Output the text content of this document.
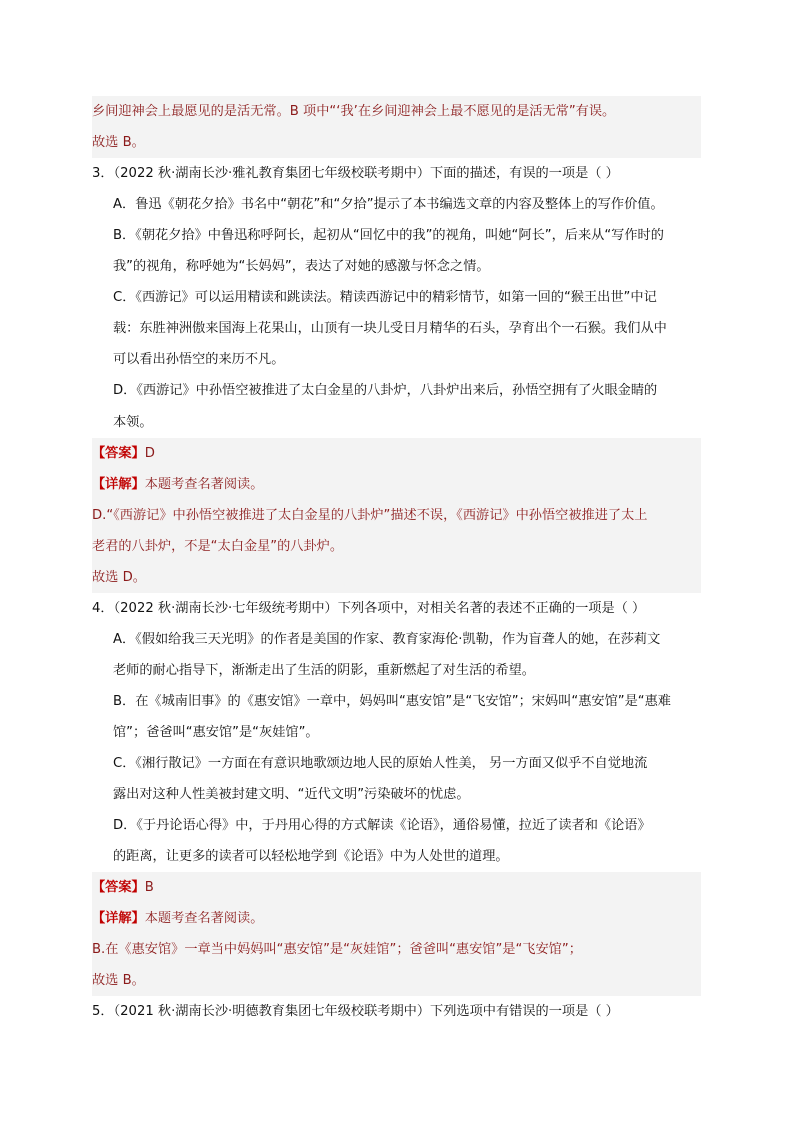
乡间迎神会上最愿见的是活无常。B 项中“‘我’在乡间迎神会上最不愿见的是活无常”有误。
故选 B。
3．（2022 秋·湖南长沙·雅礼教育集团七年级校联考期中）下面的描述，有误的一项是（ ）
A．鲁迅《朝花夕拾》书名中“朝花”和“夕拾”提示了本书编选文章的内容及整体上的写作价值。
B．《朝花夕拾》中鲁迅称呼阿长，起初从“回忆中的我”的视角，叫她“阿长”，后来从“写作时的
我”的视角，称呼她为“长妈妈”，表达了对她的感激与怀念之情。
C．《西游记》可以运用精读和跳读法。精读西游记中的精彩情节，如第一回的“猴王出世”中记
载：东胜神洲傲来国海上花果山，山顶有一块儿受日月精华的石头，孕育出个一石猴。我们从中
可以看出孙悟空的来历不凡。
D．《西游记》中孙悟空被推进了太白金星的八卦炉，八卦炉出来后，孙悟空拥有了火眼金睛的
本领。
【答案】D
【详解】本题考查名著阅读。
D.“《西游记》中孙悟空被推进了太白金星的八卦炉”描述不误，《西游记》中孙悟空被推进了太上
老君的八卦炉，不是“太白金星”的八卦炉。
故选 D。
4．（2022 秋·湖南长沙·七年级统考期中）下列各项中，对相关名著的表述不正确的一项是（ ）
A．《假如给我三天光明》的作者是美国的作家、教育家海伦·凯勒，作为盲聋人的她，在莎莉文
老师的耐心指导下，渐渐走出了生活的阴影，重新燃起了对生活的希望。
B．在《城南旧事》的《惠安馆》一章中，妈妈叫“惠安馆”是“飞安馆”；宋妈叫“惠安馆”是“惠难
馆”；爸爸叫“惠安馆”是“灰娃馆”。
C．《湘行散记》一方面在有意识地歌颂边地人民的原始人性美， 另一方面又似乎不自觉地流
露出对这种人性美被封建文明、“近代文明”污染破坏的忧虑。
D．《于丹论语心得》中，于丹用心得的方式解读《论语》，通俗易懂，拉近了读者和《论语》
的距离，让更多的读者可以轻松地学到《论语》中为人处世的道理。
【答案】B
【详解】本题考查名著阅读。
B.在《惠安馆》一章当中妈妈叫“惠安馆”是“灰娃馆”；爸爸叫“惠安馆”是“飞安馆”；
故选 B。
5．（2021 秋·湖南长沙·明德教育集团七年级校联考期中）下列选项中有错误的一项是（ ）
